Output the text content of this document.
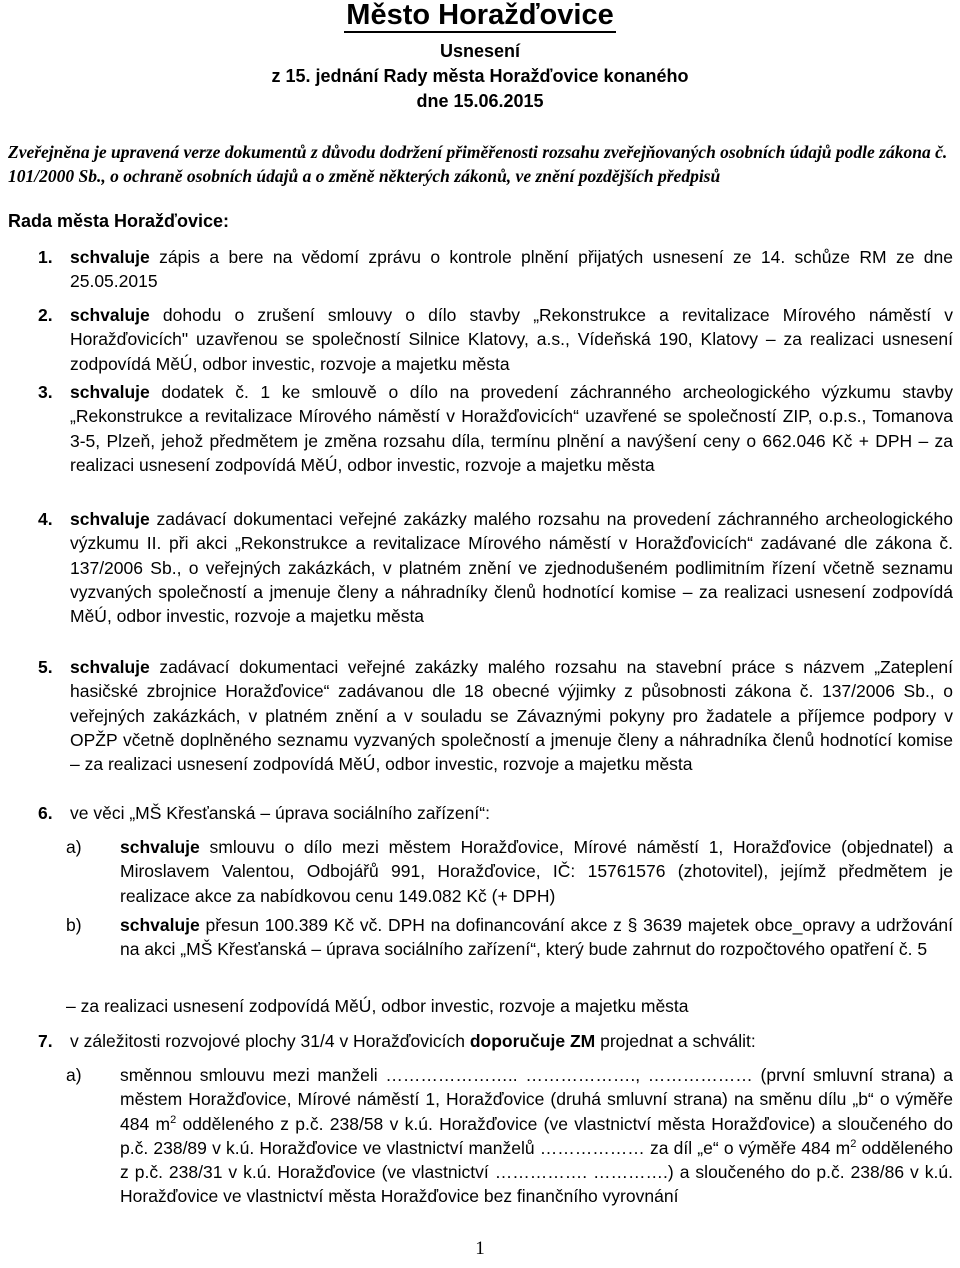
Město Horažďovice
Usnesení
z 15. jednání Rady města Horažďovice konaného
dne 15.06.2015
Zveřejněna je upravená verze dokumentů z důvodu dodržení přiměřenosti rozsahu zveřejňovaných osobních údajů podle zákona č. 101/2000 Sb., o ochraně osobních údajů a o změně některých zákonů, ve znění pozdějších předpisů
Rada města Horažďovice:
1. schvaluje zápis a bere na vědomí zprávu o kontrole plnění přijatých usnesení ze 14. schůze RM ze dne 25.05.2015
2. schvaluje dohodu o zrušení smlouvy o dílo stavby „Rekonstrukce a revitalizace Mírového náměstí v Horažďovicích" uzavřenou se společností Silnice Klatovy, a.s., Vídeňská 190, Klatovy – za realizaci usnesení zodpovídá MěÚ, odbor investic, rozvoje a majetku města
3. schvaluje dodatek č. 1 ke smlouvě o dílo na provedení záchranného archeologického výzkumu stavby „Rekonstrukce a revitalizace Mírového náměstí v Horažďovicích“ uzavřené se společností ZIP, o.p.s., Tomanova 3-5, Plzeň, jehož předmětem je změna rozsahu díla, termínu plnění a navýšení ceny o 662.046 Kč + DPH – za realizaci usnesení zodpovídá MěÚ, odbor investic, rozvoje a majetku města
4. schvaluje zadávací dokumentaci veřejné zakázky malého rozsahu na provedení záchranného archeologického výzkumu II. při akci „Rekonstrukce a revitalizace Mírového náměstí v Horažďovicích“ zadávané dle zákona č. 137/2006 Sb., o veřejných zakázkách, v platném znění ve zjednodušeném podlimitním řízení včetně seznamu vyzvaných společností a jmenuje členy a náhradníky členů hodnotící komise – za realizaci usnesení zodpovídá MěÚ, odbor investic, rozvoje a majetku města
5. schvaluje zadávací dokumentaci veřejné zakázky malého rozsahu na stavební práce s názvem „Zateplení hasičské zbrojnice Horažďovice“ zadávanou dle 18 obecné výjimky z působnosti zákona č. 137/2006 Sb., o veřejných zakázkách, v platném znění a v souladu se Závaznými pokyny pro žadatele a příjemce podpory v OPŽP včetně doplněného seznamu vyzvaných společností a jmenuje členy a náhradníka členů hodnotící komise – za realizaci usnesení zodpovídá MěÚ, odbor investic, rozvoje a majetku města
6. ve věci „MŠ Křesťanská – úprava sociálního zařízení“:
a) schvaluje smlouvu o dílo mezi městem Horažďovice, Mírové náměstí 1, Horažďovice (objednatel) a Miroslavem Valentou, Odbojářů 991, Horažďovice, IČ: 15761576 (zhotovitel), jejímž předmětem je realizace akce za nabídkovou cenu 149.082 Kč (+ DPH)
b) schvaluje přesun 100.389 Kč vč. DPH na dofinancování akce z § 3639 majetek obce_opravy a udržování na akci „MŠ Křesťanská – úprava sociálního zařízení“, který bude zahrnut do rozpočtového opatření č. 5
– za realizaci usnesení zodpovídá MěÚ, odbor investic, rozvoje a majetku města
7. v záležitosti rozvojové plochy 31/4 v Horažďovicích doporučuje ZM projednat a schválit:
a) směnnou smlouvu mezi manželi ………………….. ………………., ……………… (první smluvní strana) a městem Horažďovice, Mírové náměstí 1, Horažďovice (druhá smluvní strana) na směnu dílu „b“ o výměře 484 $m^2$ odděleného z p.č. 238/58 v k.ú. Horažďovice (ve vlastnictví města Horažďovice) a sloučeného do p.č. 238/89 v k.ú. Horažďovice ve vlastnictví manželů ……………… za díl „e“ o výměře 484 $m^2$ odděleného z p.č. 238/31 v k.ú. Horažďovice (ve vlastnictví ……………. ………….) a sloučeného do p.č. 238/86 v k.ú. Horažďovice ve vlastnictví města Horažďovice bez finančního vyrovnání
1
